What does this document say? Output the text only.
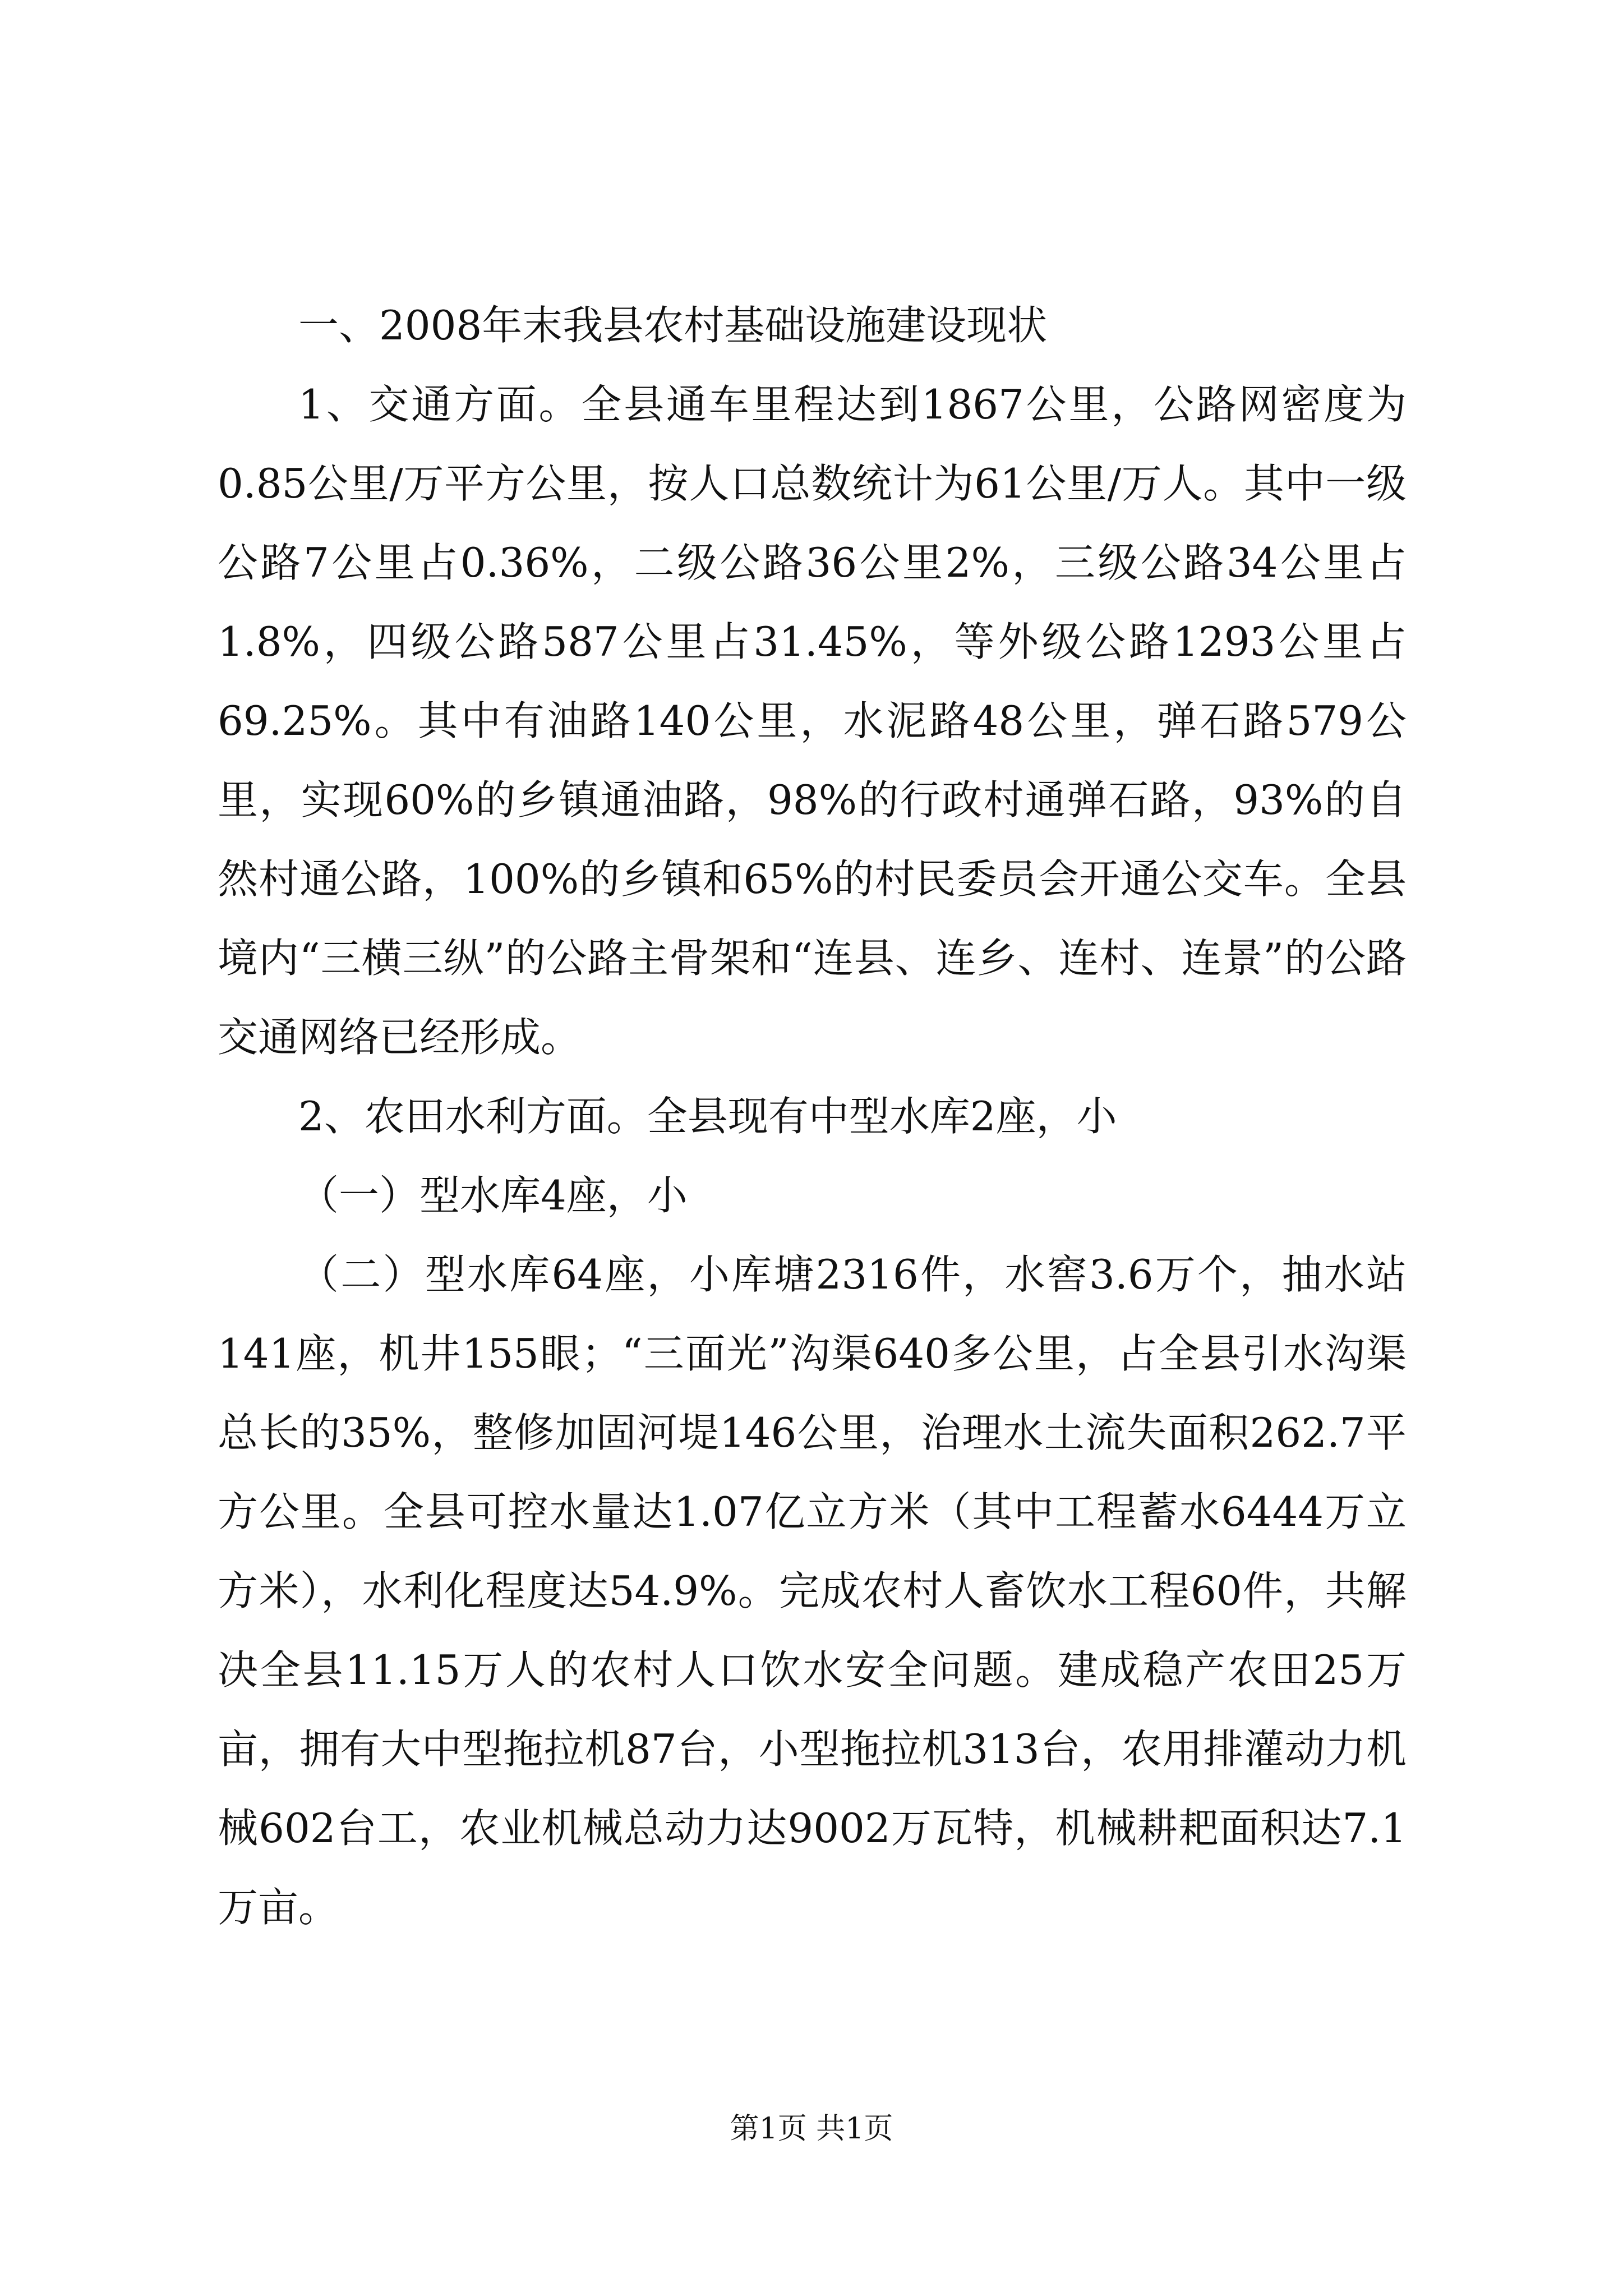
一、2008年末我县农村基础设施建设现状

1、交通方面。全县通车里程达到1867公里，公路网密度为0.85公里/万平方公里，按人口总数统计为61公里/万人。其中一级公路7公里占0.36%，二级公路36公里2%，三级公路34公里占1.8%，四级公路587公里占31.45%，等外级公路1293公里占69.25%。其中有油路140公里，水泥路48公里，弹石路579公里，实现60%的乡镇通油路，98%的行政村通弹石路，93%的自然村通公路，100%的乡镇和65%的村民委员会开通公交车。全县境内“三横三纵”的公路主骨架和“连县、连乡、连村、连景”的公路交通网络已经形成。

2、农田水利方面。全县现有中型水库2座，小

（一）型水库4座，小

（二）型水库64座，小库塘2316件，水窖3.6万个，抽水站141座，机井155眼；“三面光”沟渠640多公里，占全县引水沟渠总长的35%，整修加固河堤146公里，治理水土流失面积262.7平方公里。全县可控水量达1.07亿立方米（其中工程蓄水6444万立方米），水利化程度达54.9%。完成农村人畜饮水工程60件，共解决全县11.15万人的农村人口饮水安全问题。建成稳产农田25万亩，拥有大中型拖拉机87台，小型拖拉机313台，农用排灌动力机械602台工，农业机械总动力达9002万瓦特，机械耕耙面积达7.1万亩。

第1页 共1页
